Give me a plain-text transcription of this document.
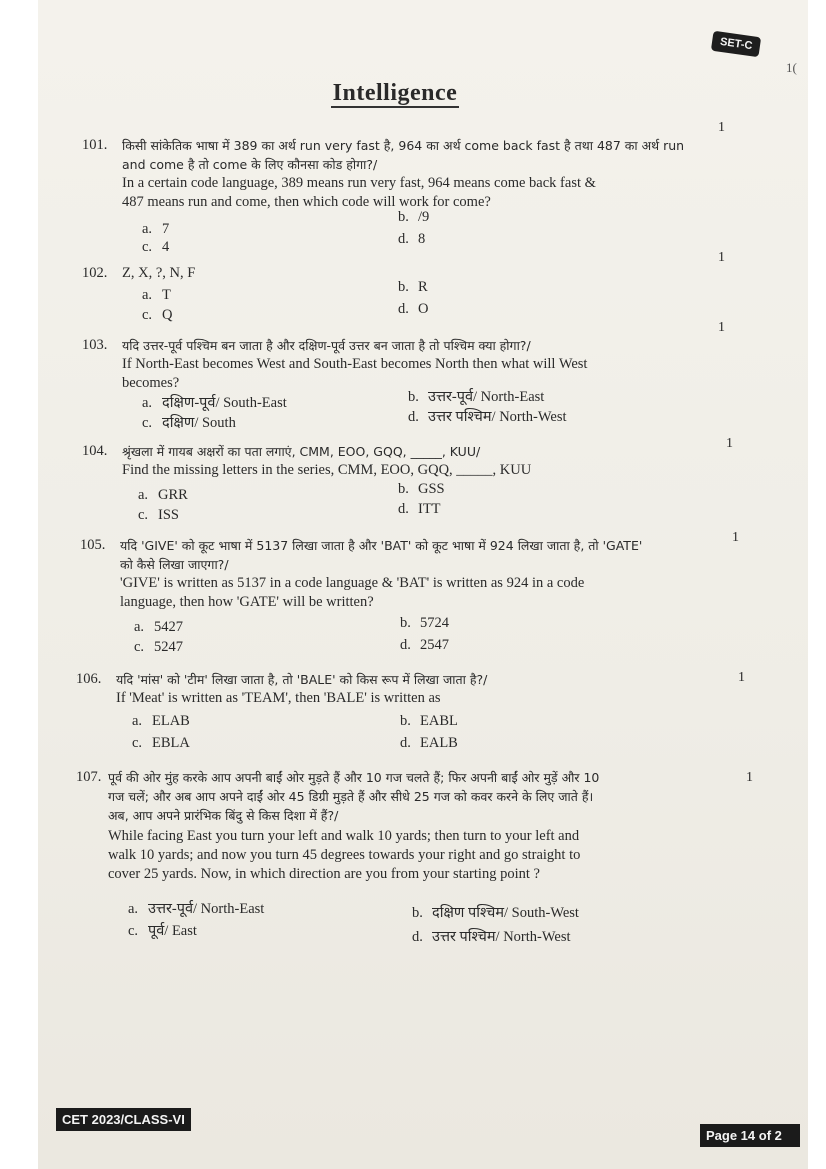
SET-C
1(
Intelligence
101. किसी सांकेतिक भाषा में 389 का अर्थ run very fast है, 964 का अर्थ come back fast है तथा 487 का अर्थ run

and come है तो come के लिए कौनसा कोड होगा?/

In a certain code language, 389 means run very fast, 964 means come back fast &

487 means run and come, then which code will work for come?

1
a. 7
b. /9
c. 4	d. 8
102. Z, X, ?, N, F

1
a. T	b. R
c. Q	d. O
103. यदि उत्तर-पूर्व पश्चिम बन जाता है और दक्षिण-पूर्व उत्तर बन जाता है तो पश्चिम क्या होगा?/

If North-East becomes West and South-East becomes North then what will West

becomes?

1
a. दक्षिण-पूर्व/ South-East	b. उत्तर-पूर्व/ North-East
c. दक्षिण/ South	d. उत्तर पश्चिम/ North-West
104. श्रृंखला में गायब अक्षरों का पता लगाएं, CMM, EOO, GQQ, _____, KUU/

Find the missing letters in the series, CMM, EOO, GQQ, _____, KUU

1
a. GRR	b. GSS
c. ISS	d. ITT
105. यदि 'GIVE' को कूट भाषा में 5137 लिखा जाता है और 'BAT' को कूट भाषा में 924 लिखा जाता है, तो 'GATE'

को कैसे लिखा जाएगा?/

'GIVE' is written as 5137 in a code language & 'BAT' is written as 924 in a code

language, then how 'GATE' will be written?

1
a. 5427	b. 5724
c. 5247	d. 2547
106. यदि 'मांस' को 'टीम' लिखा जाता है, तो 'BALE' को किस रूप में लिखा जाता है?/

If 'Meat' is written as 'TEAM', then 'BALE' is written as

1
a. ELAB	b. EABL
c. EBLA	d. EALB
107. पूर्व की ओर मुंह करके आप अपनी बाईं ओर मुड़ते हैं और 10 गज चलते हैं; फिर अपनी बाईं ओर मुड़ें और 10

गज चलें; और अब आप अपने दाईं ओर 45 डिग्री मुड़ते हैं और सीधे 25 गज को कवर करने के लिए जाते हैं।

अब, आप अपने प्रारंभिक बिंदु से किस दिशा में हैं?/

While facing East you turn your left and walk 10 yards; then turn to your left and

walk 10 yards; and now you turn 45 degrees towards your right and go straight to

cover 25 yards. Now, in which direction are you from your starting point ?

1
a. उत्तर-पूर्व/ North-East	b. दक्षिण पश्चिम/ South-West
c. पूर्व/ East	d. उत्तर पश्चिम/ North-West
CET 2023/CLASS-VI
Page 14 of 2
